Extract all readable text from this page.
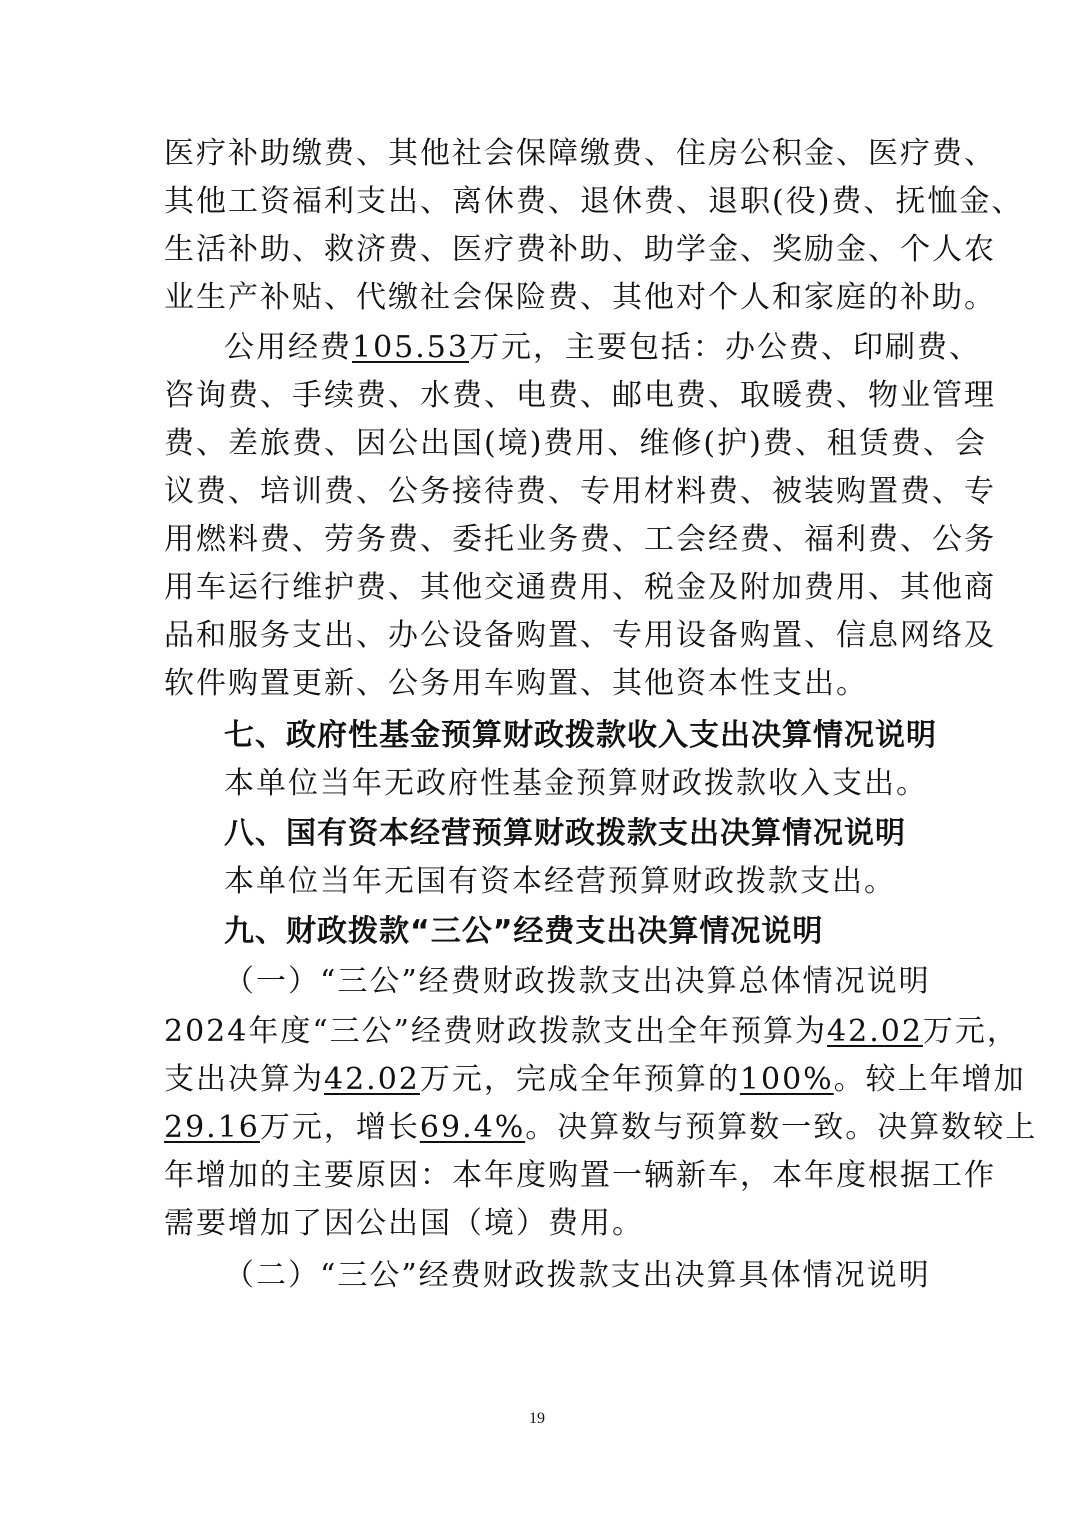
医疗补助缴费、其他社会保障缴费、住房公积金、医疗费、
其他工资福利支出、离休费、退休费、退职(役)费、抚恤金、
生活补助、救济费、医疗费补助、助学金、奖励金、个人农
业生产补贴、代缴社会保险费、其他对个人和家庭的补助。
公用经费105.53万元，主要包括：办公费、印刷费、
咨询费、手续费、水费、电费、邮电费、取暖费、物业管理
费、差旅费、因公出国(境)费用、维修(护)费、租赁费、会
议费、培训费、公务接待费、专用材料费、被装购置费、专
用燃料费、劳务费、委托业务费、工会经费、福利费、公务
用车运行维护费、其他交通费用、税金及附加费用、其他商
品和服务支出、办公设备购置、专用设备购置、信息网络及
软件购置更新、公务用车购置、其他资本性支出。
七、政府性基金预算财政拨款收入支出决算情况说明
本单位当年无政府性基金预算财政拨款收入支出。
八、国有资本经营预算财政拨款支出决算情况说明
本单位当年无国有资本经营预算财政拨款支出。
九、财政拨款“三公”经费支出决算情况说明
（一）“三公”经费财政拨款支出决算总体情况说明
2024年度“三公”经费财政拨款支出全年预算为42.02万元，
支出决算为42.02万元，完成全年预算的100%。较上年增加
29.16万元，增长69.4%。决算数与预算数一致。决算数较上
年增加的主要原因：本年度购置一辆新车，本年度根据工作
需要增加了因公出国（境）费用。
（二）“三公”经费财政拨款支出决算具体情况说明
19
